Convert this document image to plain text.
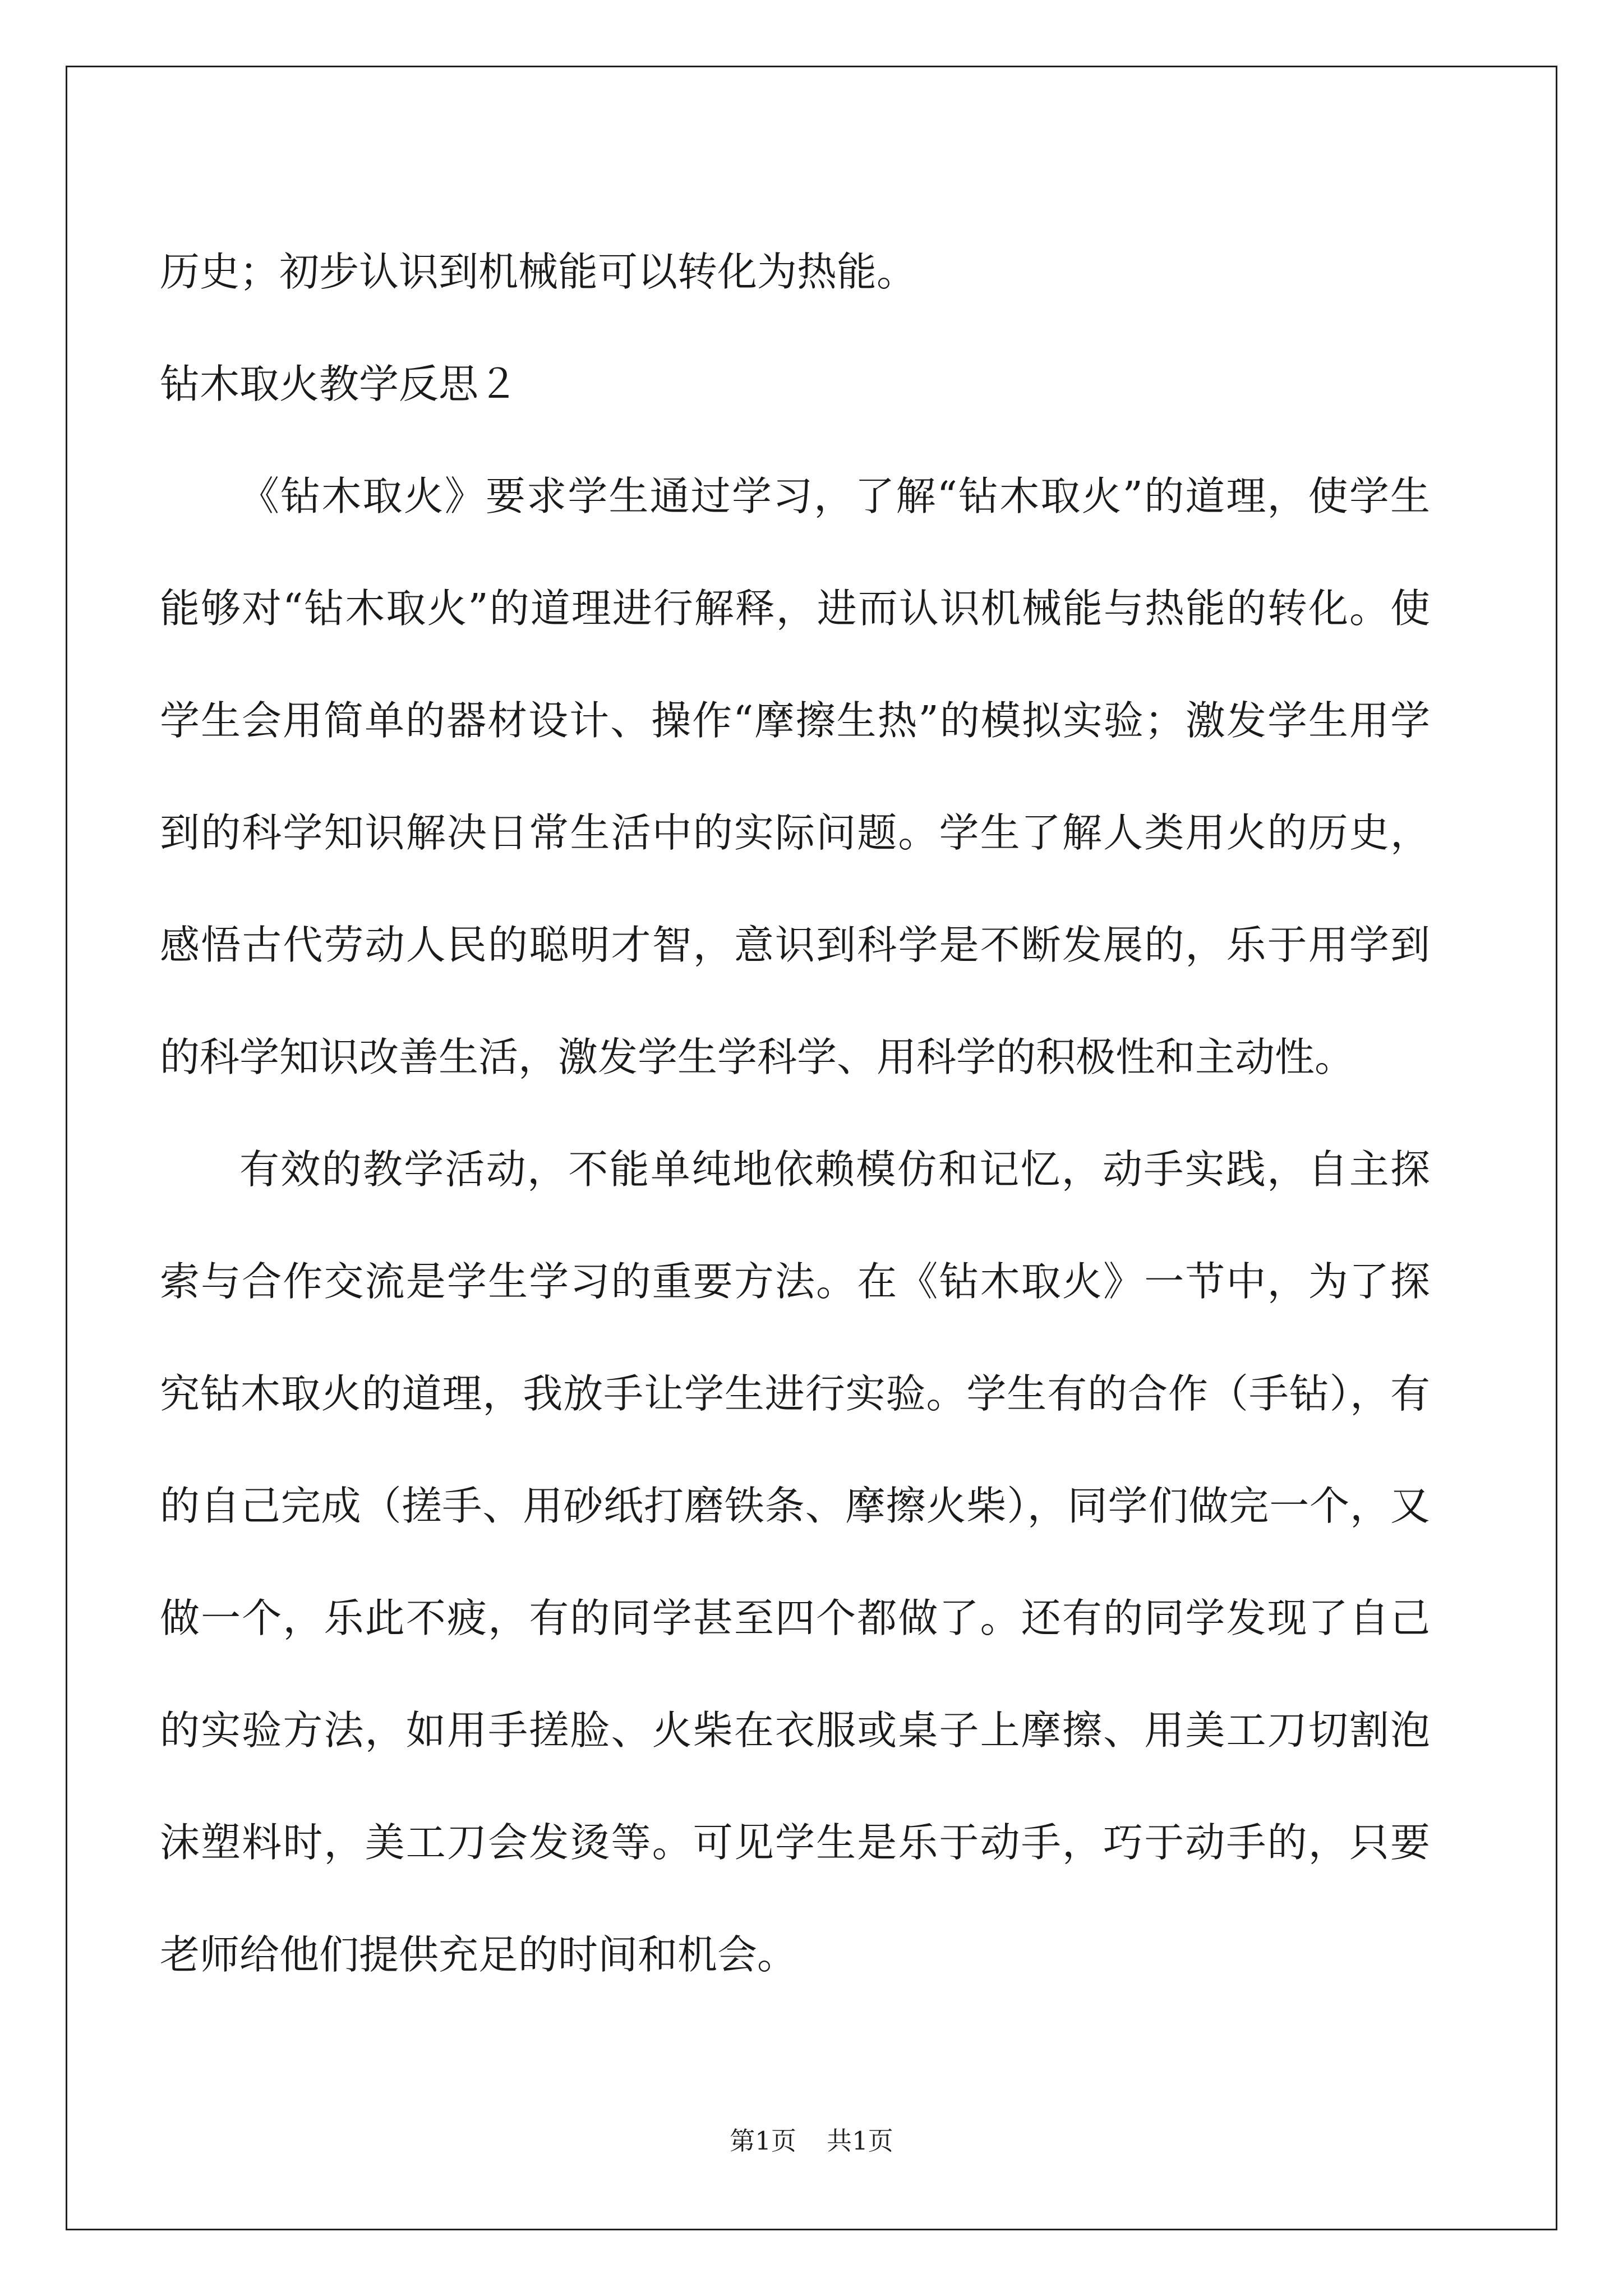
历史；初步认识到机械能可以转化为热能。

钻木取火教学反思２

《钻木取火》要求学生通过学习，了解“钻木取火”的道理，使学生能够对“钻木取火”的道理进行解释，进而认识机械能与热能的转化。使学生会用简单的器材设计、操作“摩擦生热”的模拟实验；激发学生用学到的科学知识解决日常生活中的实际问题。学生了解人类用火的历史，感悟古代劳动人民的聪明才智，意识到科学是不断发展的，乐于用学到的科学知识改善生活，激发学生学科学、用科学的积极性和主动性。

有效的教学活动，不能单纯地依赖模仿和记忆，动手实践，自主探索与合作交流是学生学习的重要方法。在《钻木取火》一节中，为了探究钻木取火的道理，我放手让学生进行实验。学生有的合作（手钻），有的自己完成（搓手、用砂纸打磨铁条、摩擦火柴），同学们做完一个，又做一个，乐此不疲，有的同学甚至四个都做了。还有的同学发现了自己的实验方法，如用手搓脸、火柴在衣服或桌子上摩擦、用美工刀切割泡沫塑料时，美工刀会发烫等。可见学生是乐于动手，巧于动手的，只要老师给他们提供充足的时间和机会。

第1页 共1页
